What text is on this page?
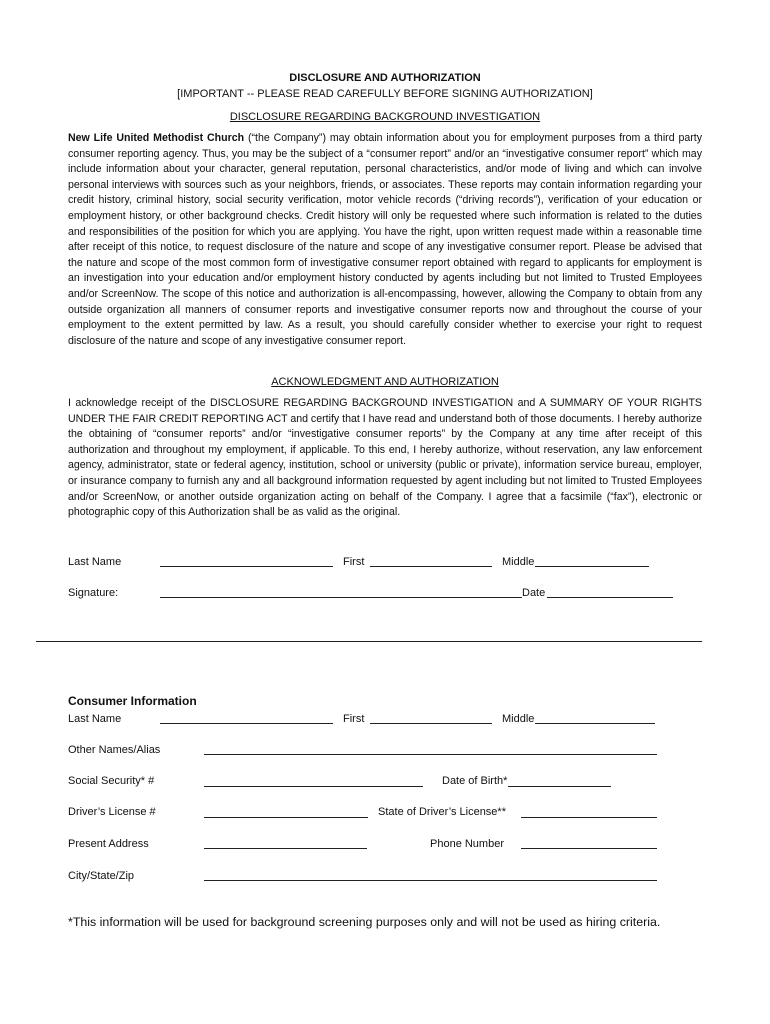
DISCLOSURE AND AUTHORIZATION
[IMPORTANT -- PLEASE READ CAREFULLY BEFORE SIGNING AUTHORIZATION]
DISCLOSURE REGARDING BACKGROUND INVESTIGATION

New Life United Methodist Church (“the Company”) may obtain information about you for employment purposes from a third party consumer reporting agency. Thus, you may be the subject of a “consumer report” and/or an “investigative consumer report” which may include information about your character, general reputation, personal characteristics, and/or mode of living and which can involve personal interviews with sources such as your neighbors, friends, or associates. These reports may contain information regarding your credit history, criminal history, social security verification, motor vehicle records (“driving records”), verification of your education or employment history, or other background checks. Credit history will only be requested where such information is related to the duties and responsibilities of the position for which you are applying. You have the right, upon written request made within a reasonable time after receipt of this notice, to request disclosure of the nature and scope of any investigative consumer report. Please be advised that the nature and scope of the most common form of investigative consumer report obtained with regard to applicants for employment is an investigation into your education and/or employment history conducted by agents including but not limited to Trusted Employees and/or ScreenNow. The scope of this notice and authorization is all-encompassing, however, allowing the Company to obtain from any outside organization all manners of consumer reports and investigative consumer reports now and throughout the course of your employment to the extent permitted by law. As a result, you should carefully consider whether to exercise your right to request disclosure of the nature and scope of any investigative consumer report.

ACKNOWLEDGMENT AND AUTHORIZATION

I acknowledge receipt of the DISCLOSURE REGARDING BACKGROUND INVESTIGATION and A SUMMARY OF YOUR RIGHTS UNDER THE FAIR CREDIT REPORTING ACT and certify that I have read and understand both of those documents. I hereby authorize the obtaining of “consumer reports” and/or “investigative consumer reports” by the Company at any time after receipt of this authorization and throughout my employment, if applicable. To this end, I hereby authorize, without reservation, any law enforcement agency, administrator, state or federal agency, institution, school or university (public or private), information service bureau, employer, or insurance company to furnish any and all background information requested by agent including but not limited to Trusted Employees and/or ScreenNow, or another outside organization acting on behalf of the Company. I agree that a facsimile (“fax”), electronic or photographic copy of this Authorization shall be as valid as the original.

Last Name	First	Middle
Signature:	Date
Consumer Information
Last Name	First	Middle
Other Names/Alias
Social Security* #	Date of Birth*
Driver’s License #	State of Driver’s License**
Present Address	Phone Number
City/State/Zip
*This information will be used for background screening purposes only and will not be used as hiring criteria.
